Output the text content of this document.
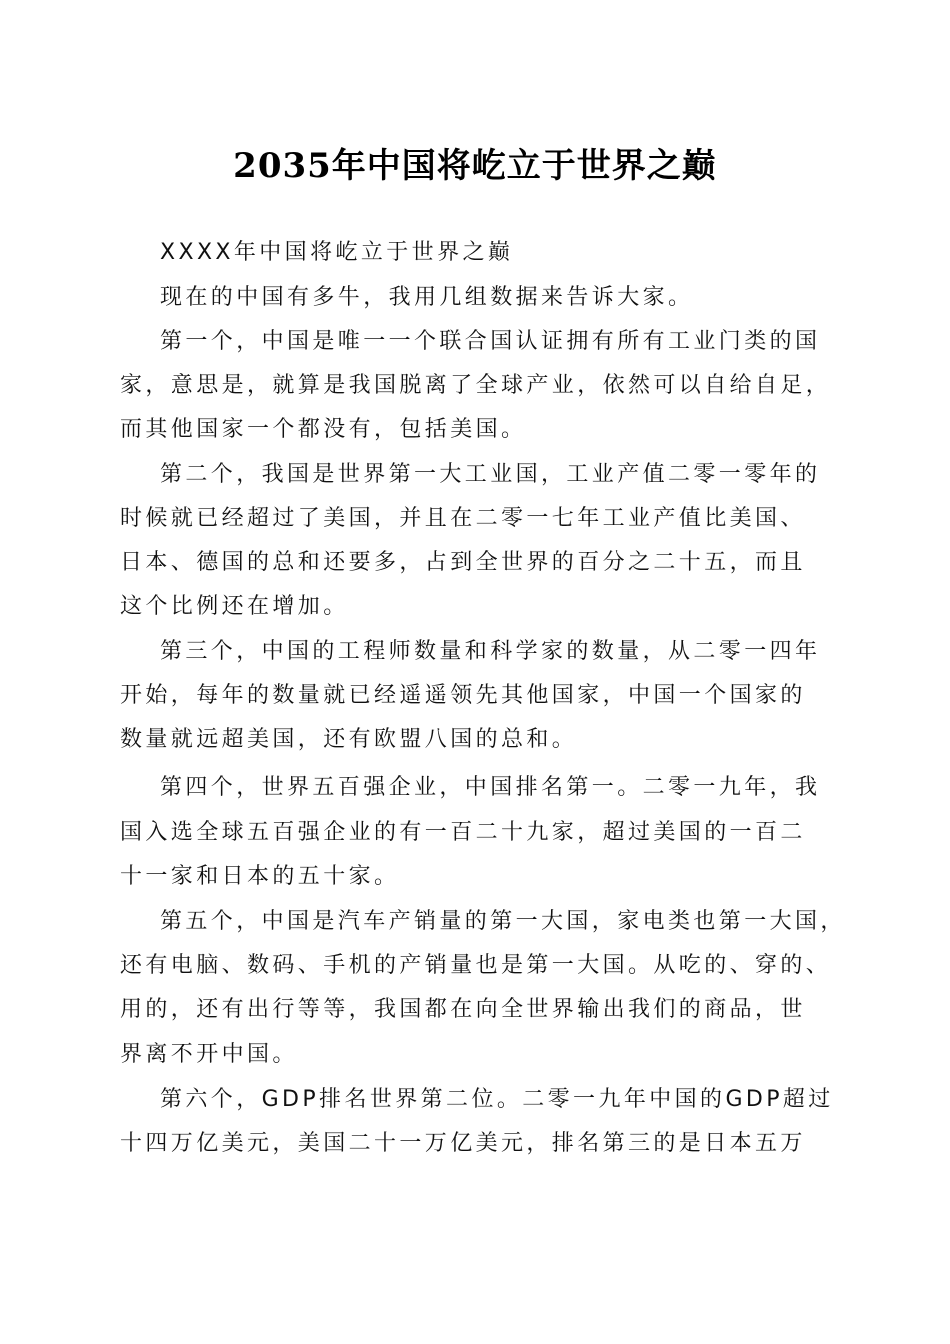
2035年中国将屹立于世界之巅
XXXX年中国将屹立于世界之巅
现在的中国有多牛，我用几组数据来告诉大家。
第一个，中国是唯一一个联合国认证拥有所有工业门类的国
家，意思是，就算是我国脱离了全球产业，依然可以自给自足，
而其他国家一个都没有，包括美国。
第二个，我国是世界第一大工业国，工业产值二零一零年的
时候就已经超过了美国，并且在二零一七年工业产值比美国、
日本、德国的总和还要多，占到全世界的百分之二十五，而且
这个比例还在增加。
第三个，中国的工程师数量和科学家的数量，从二零一四年
开始，每年的数量就已经遥遥领先其他国家，中国一个国家的
数量就远超美国，还有欧盟八国的总和。
第四个，世界五百强企业，中国排名第一。二零一九年，我
国入选全球五百强企业的有一百二十九家，超过美国的一百二
十一家和日本的五十家。
第五个，中国是汽车产销量的第一大国，家电类也第一大国，
还有电脑、数码、手机的产销量也是第一大国。从吃的、穿的、
用的，还有出行等等，我国都在向全世界输出我们的商品，世
界离不开中国。
第六个，GDP排名世界第二位。二零一九年中国的GDP超过
十四万亿美元，美国二十一万亿美元，排名第三的是日本五万
